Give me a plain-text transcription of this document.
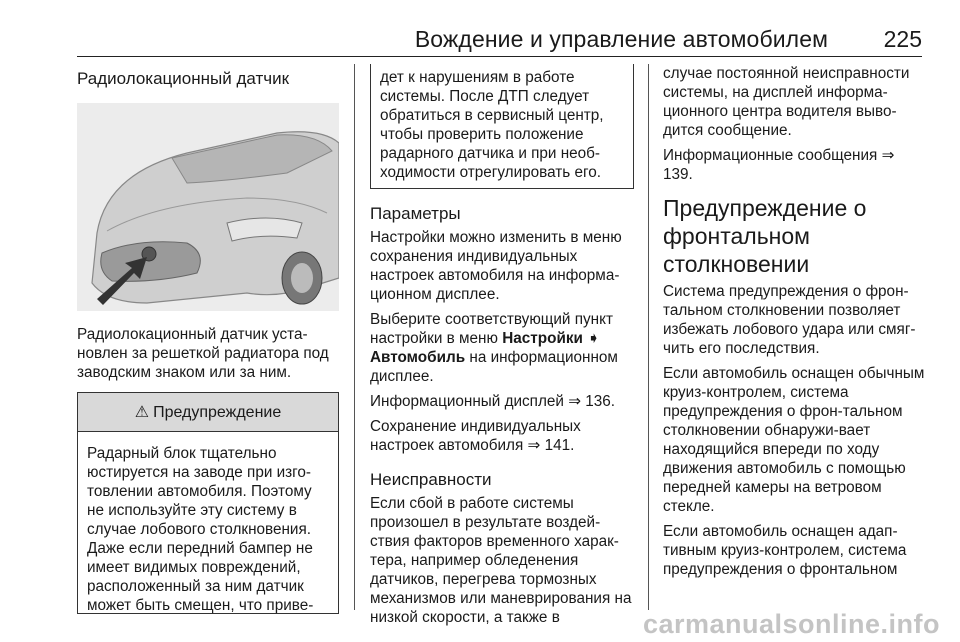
Вождение и управление автомобилем 225
Радиолокационный датчик

Радиолокационный датчик уста-новлен за решеткой радиатора под заводским знаком или за ним.

⚠ Предупреждение
Радарный блок тщательно юстируется на заводе при изго-товлении автомобиля. Поэтому не используйте эту систему в случае лобового столкновения. Даже если передний бампер не имеет видимых повреждений, расположенный за ним датчик может быть смещен, что приве-
дет к нарушениям в работе системы. После ДТП следует обратиться в сервисный центр, чтобы проверить положение радарного датчика и при необ-ходимости отрегулировать его.
Параметры

Настройки можно изменить в меню сохранения индивидуальных настроек автомобиля на информа-ционном дисплее.

Выберите соответствующий пункт настройки в меню Настройки ➧ Автомобиль на информационном дисплее.

Информационный дисплей ⇒ 136.

Сохранение индивидуальных настроек автомобиля ⇒ 141.

Неисправности

Если сбой в работе системы произошел в результате воздей-ствия факторов временного харак-тера, например обледенения датчиков, перегрева тормозных механизмов или маневрирования на низкой скорости, а также в

случае постоянной неисправности системы, на дисплей информа-ционного центра водителя выво-дится сообщение.

Информационные сообщения ⇒ 139.

Предупреждение о фронтальном столкновении

Система предупреждения о фрон-тальном столкновении позволяет избежать лобового удара или смяг-чить его последствия.

Если автомобиль оснащен обычным круиз-контролем, система предупреждения о фрон-тальном столкновении обнаружи-вает находящийся впереди по ходу движения автомобиль с помощью передней камеры на ветровом стекле.

Если автомобиль оснащен адап-тивным круиз-контролем, система предупреждения о фронтальном

carmanualsonline.info
